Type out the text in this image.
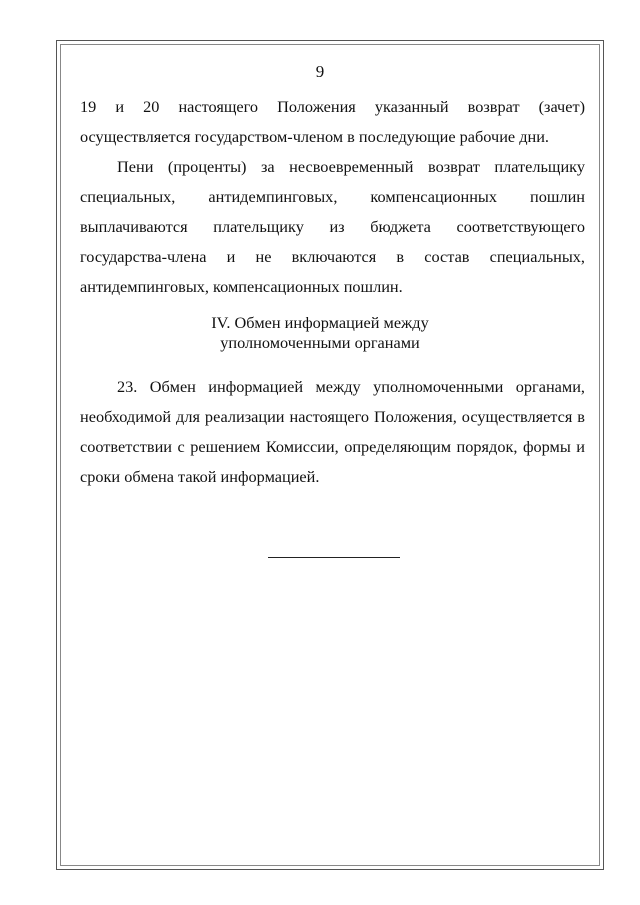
9

19 и 20 настоящего Положения указанный возврат (зачет) осуществляется государством-членом в последующие рабочие дни.

Пени (проценты) за несвоевременный возврат плательщику специальных, антидемпинговых, компенсационных пошлин выплачиваются плательщику из бюджета соответствующего государства-члена и не включаются в состав специальных, антидемпинговых, компенсационных пошлин.

IV. Обмен информацией между
уполномоченными органами

23. Обмен информацией между уполномоченными органами, необходимой для реализации настоящего Положения, осуществляется в соответствии с решением Комиссии, определяющим порядок, формы и сроки обмена такой информацией.
